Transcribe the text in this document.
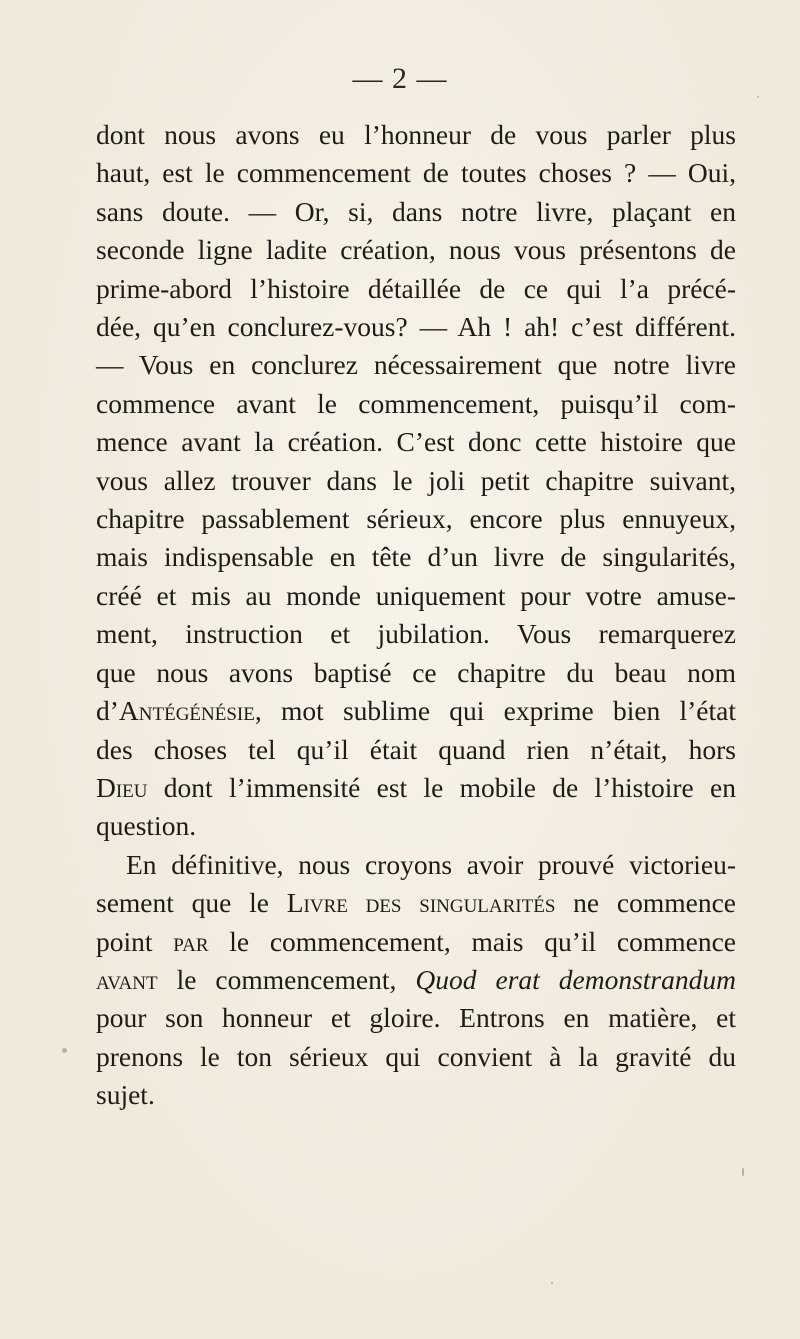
— 2 —
dont nous avons eu l’honneur de vous parler plus
haut, est le commencement de toutes choses ? — Oui,
sans doute. — Or, si, dans notre livre, plaçant en
seconde ligne ladite création, nous vous présentons de
prime-abord l’histoire détaillée de ce qui l’a précé-
dée, qu’en conclurez-vous? — Ah ! ah! c’est différent.
— Vous en conclurez nécessairement que notre livre
commence avant le commencement, puisqu’il com-
mence avant la création. C’est donc cette histoire que
vous allez trouver dans le joli petit chapitre suivant,
chapitre passablement sérieux, encore plus ennuyeux,
mais indispensable en tête d’un livre de singularités,
créé et mis au monde uniquement pour votre amuse-
ment, instruction et jubilation. Vous remarquerez
que nous avons baptisé ce chapitre du beau nom
d’Antégénésie, mot sublime qui exprime bien l’état
des choses tel qu’il était quand rien n’était, hors
Dieu dont l’immensité est le mobile de l’histoire en
question.
En définitive, nous croyons avoir prouvé victorieu-
sement que le Livre des singularités ne commence
point par le commencement, mais qu’il commence
avant le commencement, Quod erat demonstrandum
pour son honneur et gloire. Entrons en matière, et
prenons le ton sérieux qui convient à la gravité du
sujet.
